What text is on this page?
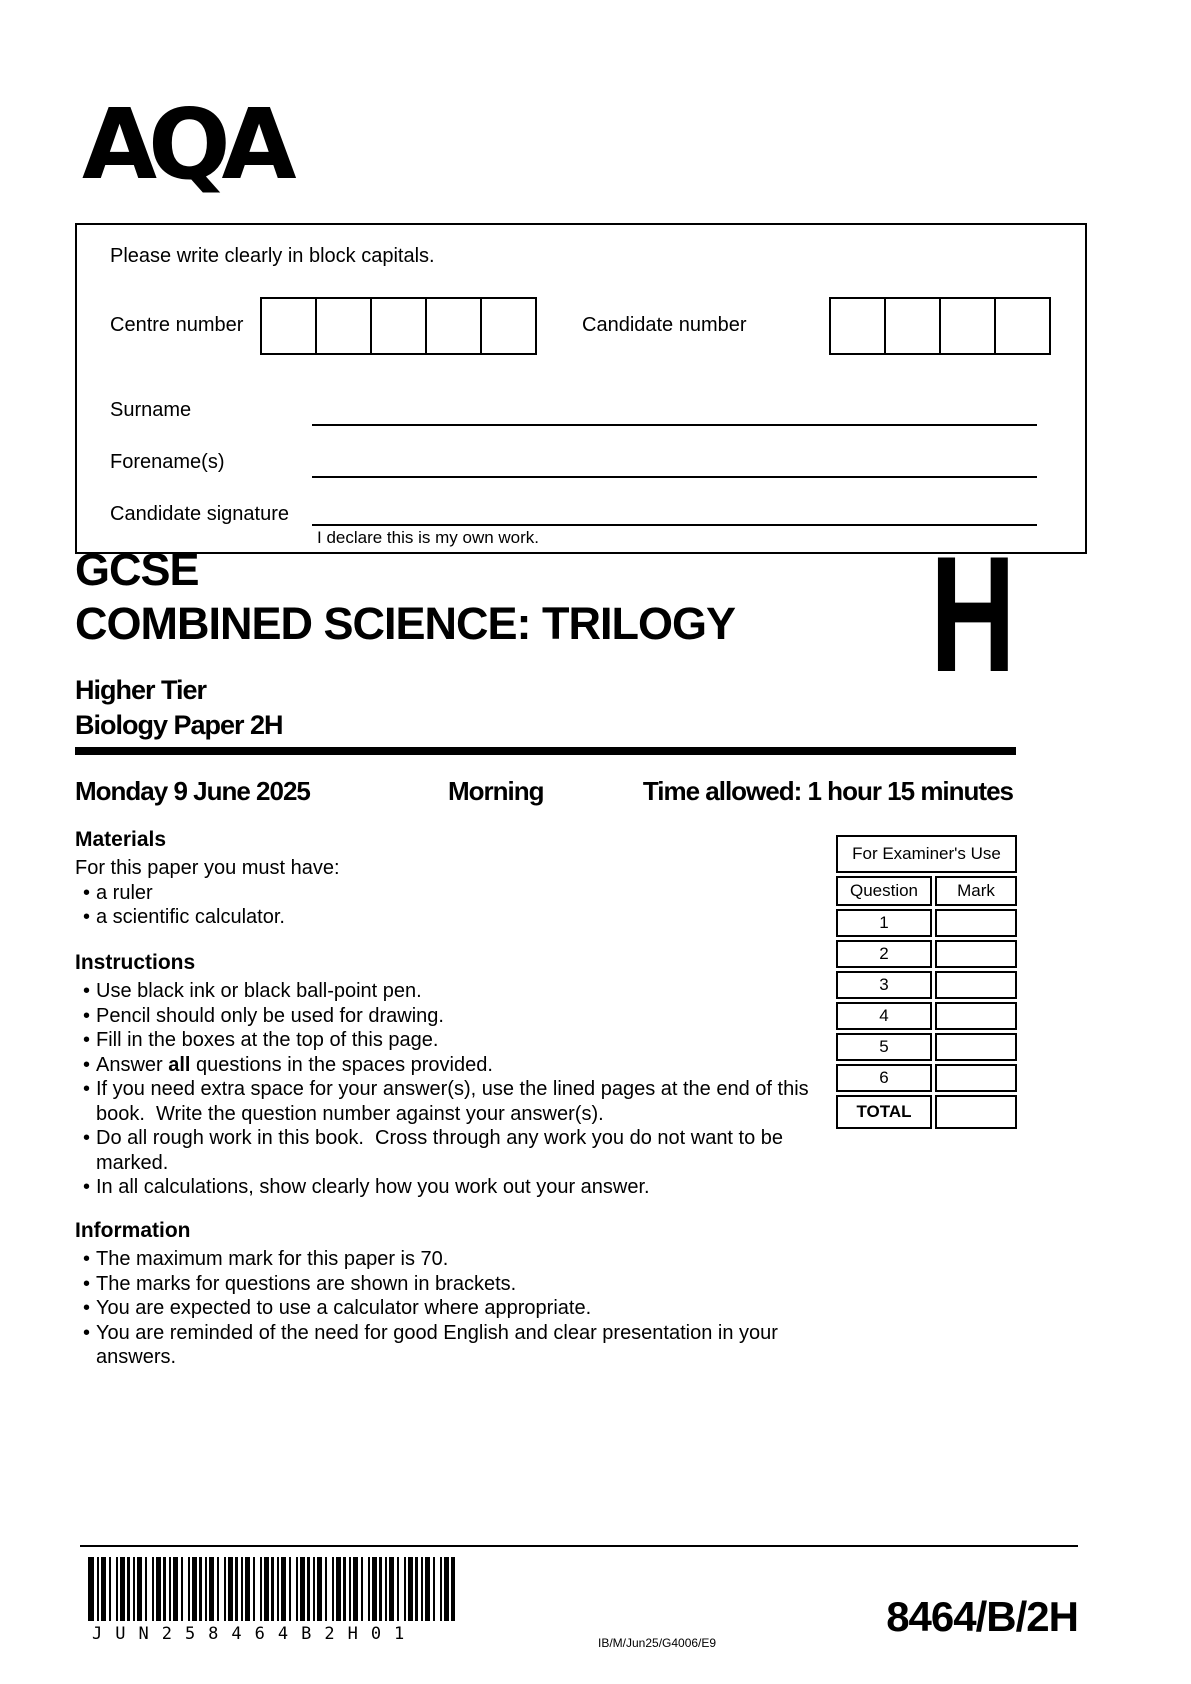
AQA
Please write clearly in block capitals.
Centre number	Candidate number
Surname
Forename(s)
Candidate signature
I declare this is my own work.
GCSE
COMBINED SCIENCE: TRILOGY H
Higher Tier
Biology Paper 2H
Monday 9 June 2025	Morning	Time allowed: 1 hour 15 minutes
Materials
For this paper you must have:
• a ruler
• a scientific calculator.
Instructions
• Use black ink or black ball-point pen.
• Pencil should only be used for drawing.
• Fill in the boxes at the top of this page.
• Answer all questions in the spaces provided.
• If you need extra space for your answer(s), use the lined pages at the end of this book.  Write the question number against your answer(s).
• Do all rough work in this book.  Cross through any work you do not want to be marked.
• In all calculations, show clearly how you work out your answer.
Information
• The maximum mark for this paper is 70.
• The marks for questions are shown in brackets.
• You are expected to use a calculator where appropriate.
• You are reminded of the need for good English and clear presentation in your answers.
For Examiner's Use	
Question	Mark
1	
2	
3	
4	
5	
6	
TOTAL	
JUN258464B2H01	IB/M/Jun25/G4006/E9
8464/B/2H
